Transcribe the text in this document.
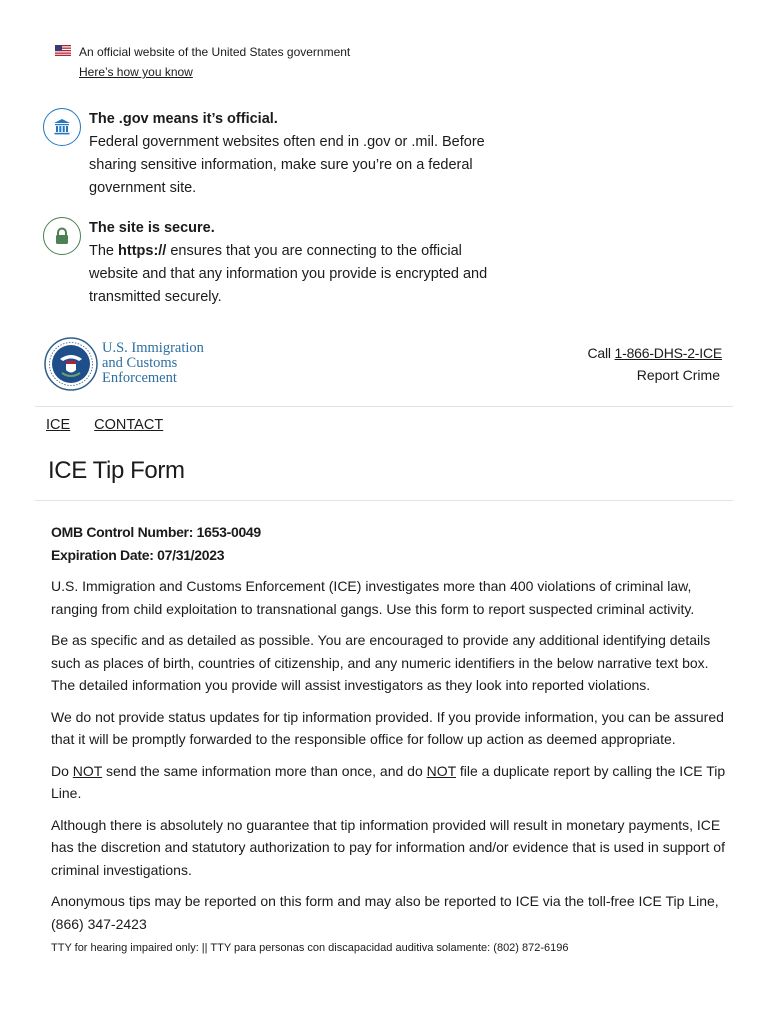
An official website of the United States government
Here’s how you know
The .gov means it’s official.
Federal government websites often end in .gov or .mil. Before sharing sensitive information, make sure you’re on a federal government site.
The site is secure.
The https:// ensures that you are connecting to the official website and that any information you provide is encrypted and transmitted securely.
U.S. Immigration
and Customs
Enforcement
Call 1-866-DHS-2-ICE
Report Crime
ICE CONTACT
ICE Tip Form
OMB Control Number: 1653-0049
Expiration Date: 07/31/2023

U.S. Immigration and Customs Enforcement (ICE) investigates more than 400 violations of criminal law, ranging from child exploitation to transnational gangs. Use this form to report suspected criminal activity.

Be as specific and as detailed as possible. You are encouraged to provide any additional identifying details such as places of birth, countries of citizenship, and any numeric identifiers in the below narrative text box. The detailed information you provide will assist investigators as they look into reported violations.

We do not provide status updates for tip information provided. If you provide information, you can be assured that it will be promptly forwarded to the responsible office for follow up action as deemed appropriate.

Do NOT send the same information more than once, and do NOT file a duplicate report by calling the ICE Tip Line.

Although there is absolutely no guarantee that tip information provided will result in monetary payments, ICE has the discretion and statutory authorization to pay for information and/or evidence that is used in support of criminal investigations.

Anonymous tips may be reported on this form and may also be reported to ICE via the toll-free ICE Tip Line, (866) 347-2423

TTY for hearing impaired only: || TTY para personas con discapacidad auditiva solamente: (802) 872-6196
